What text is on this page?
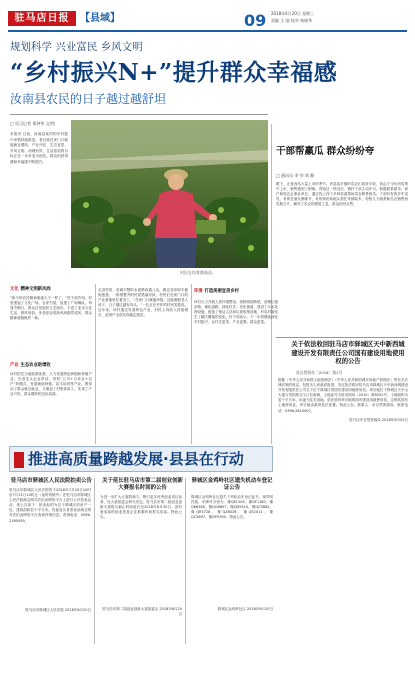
驻马店日报	【县域】	09 2018年6月20日 星期三
责编 王 刚 校对 杨晓华
规划科学 兴业富民 乡风文明
“乡村振兴N+”提升群众幸福感
汝南县农民的日子越过越舒坦
□ 见习记者 郑钟华 文/图
本报讯 日前，汝南县某村的乡村振兴举措持续推进，老百姓在家门口就能就业增收，产业兴旺、生态宜居、乡风文明、治理有效、生活富裕的目标正在一步步变为现实，群众的获得感和幸福感不断提升。
村民在培育菌菇苗。
文化 精神文明新风尚
“如今的农民精神面貌大不一样了。”村干部介绍，村里建起了文化广场、农家书屋，组建了广场舞队，每逢节假日，群众自发组织文艺演出，丰富了业余文化生活，移风易俗、孝老爱亲的新风尚蔚然成风，群众精神面貌焕然一新。
产业 生态农业助增收
该村依托当地资源优势，大力发展特色种植和养殖产业，引进龙头企业带动，采取“公司+合作社+农户”的模式，发展菌菇种植、苗木培育等产业，既带动了群众就近就业，又增加了村集体收入，实现了产业兴旺、群众增收的良好局面。
走进村里，宽阔平整的水泥路四通八达，路边花草树木郁郁葱葱，一排排整齐的民居错落有致。村民们在家门口的产业基地里忙着务工，“在家门口就能挣钱，还能照顾老人孩子，日子越过越有奔头。”一位正在劳作的村民笑着说。近年来，该村通过发展特色产业，村民人均收入持续增长，贫困户全部实现稳定脱贫。
环境 打造美丽宜居乡村
该村大力开展人居环境整治，拆除残垣断壁，清理垃圾杂物，硬化道路、绿化村庄、亮化街道，建设了污水处理设施，配备了保洁人员和垃圾收集设施，村容村貌发生了翻天覆地的变化。村干部表示，下一步将继续深化乡村振兴，让村庄更美、产业更强、群众更富。
干部帮羸瓜 群众纷纷夸
□ 通讯员 李 华 郑 静
眼下，正是西瓜大量上市的季节。该县某乡镇的瓜农们喜获丰收，但由于今年西瓜集中上市，销售遇到了困难。得知这一情况后，镇村干部主动作为，积极联系超市、商户和周边企事业单位，通过线上线下多种渠道帮助瓜农销售西瓜。干部们有的开车送瓜，有的在朋友圈推介，有的到田间地头帮忙采摘装车，短短几天就帮助瓜农销售西瓜数万斤，解决了瓜农的燃眉之急，群众纷纷点赞。
关于依法收回驻马店市驿城区天中新西城建设开发有限责任公司国有建设用地使用权的公告
驻自然资告〔2018〕第1号
根据《中华人民共和国土地管理法》《中华人民共和国城市房地产管理法》等有关法律法规的规定，经报市人民政府批准，决定依法收回驻马店市驿城区天中新西城建设开发有限责任公司名下位于驿城区的国有建设用地使用权。该宗地位于驿城区天中山大道与雪松路交叉口东南侧，土地证号为驻市国用（2010）第8552号，土地面积为若干平方米，用途为住宅用地。依法收回该宗地的国有建设用地使用权，注销其国有土地使用证，该宗地由政府依法处置。特此公告。联系人：市自然资源局；联系电话：0396-2810007。
驻马店市自然资源局 2018年6月20日
推进高质量跨越发展·县县在行动
驻马店市驿城区人民法院拍卖公告
驻马店市驿城区人民法院将于2018年7月20日10时至7月21日10时止（延时的除外）在驻马店市驿城区人民法院淘宝网司法拍卖网络平台上进行公开拍卖活动，现公告如下：拍卖标的为位于驿城区的房产一处，建筑面积若干平方米。有意竞买者请登录淘宝网司法拍卖网络平台查询详细信息。咨询电话：0396-2160039。
驻马店市驿城区人民法院 2018年6月20日
关于延长驻马店市第二届创业创新大赛报名时间的公告
为进一步扩大大赛影响力，吸引更多优秀创业项目参赛，经大赛组委会研究决定，驻马店市第二届创业创新大赛报名截止时间延长至2018年6月30日。请有意参赛的创业者及企业抓紧时间报名参赛。特此公告。
驻马店市第二届创业创新大赛组委会 2018年6月20日
驿城区金鸡岭社区遗失机动车登记证公告
驿城区金鸡岭社区遗失下列机动车登记证书，现声明作废，车牌号分别为：豫QE1105、豫QF1180、豫QK6360、豫QG8897、豫QD9310、豫QC5882、豫QR3728、豫QZ8026、豫QE2011、豫QC5697、豫QP0390，特此公告。
驿城区金鸡岭社区 2018年6月20日
